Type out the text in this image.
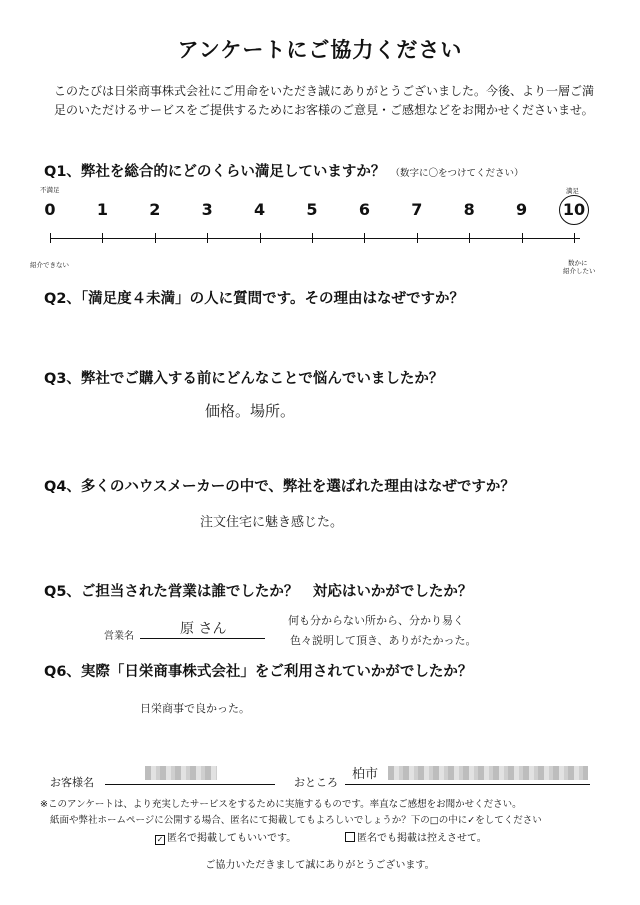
アンケートにご協力ください
このたびは日栄商事株式会社にご用命をいただき誠にありがとうございました。今後、より一層ご満足のいただけるサービスをご提供するためにお客様のご意見・ご感想などをお聞かせくださいませ。
Q1、弊社を総合的にどのくらい満足していますか？ （数字に〇をつけてください）
不満足
紹介できない
満足
数かに
紹介したい
0	1	2	3	4	5	6	7	8	9	10
Q2、「満足度４未満」の人に質問です。その理由はなぜですか？
Q3、弊社でご購入する前にどんなことで悩んでいましたか？
価格。場所。
Q4、多くのハウスメーカーの中で、弊社を選ばれた理由はなぜですか？
注文住宅に魅き感じた。
Q5、ご担当された営業は誰でしたか？　対応はいかがでしたか？
営業名	原 さん
何も分からない所から、分かり易く
色々説明して頂き、ありがたかった。
Q6、実際「日栄商事株式会社」をご利用されていかがでしたか？
日栄商事で良かった。
お客様名	おところ
柏市
※このアンケートは、より充実したサービスをするために実施するものです。率直なご感想をお聞かせください。
紙面や弊社ホームページに公開する場合、匿名にて掲載してもよろしいでしょうか？下の□の中に✓をしてください
✓ 匿名で掲載してもいいです。	匿名でも掲載は控えさせて。
ご協力いただきまして誠にありがとうございます。
